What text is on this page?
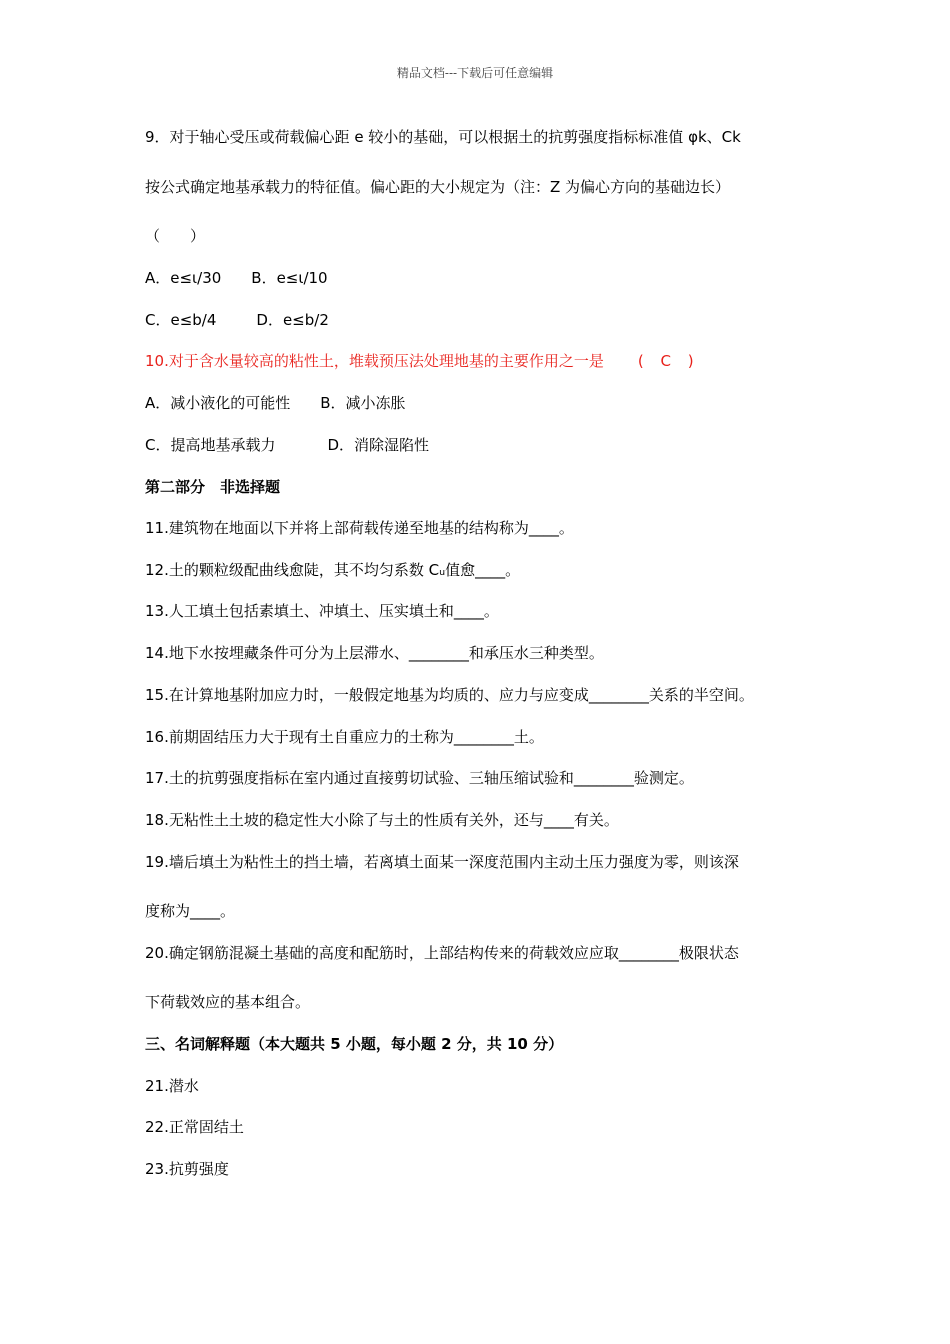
精品文档---下载后可任意编辑
9．对于轴心受压或荷载偏心距 e 较小的基础，可以根据土的抗剪强度指标标准值 φk、Ck
按公式确定地基承载力的特征值。偏心距的大小规定为（注：Z 为偏心方向的基础边长）
（　　）
A．e≤ι/30 B．e≤ι/10
C．e≤b/4	D．e≤b/2
10.对于含水量较高的粘性土，堆载预压法处理地基的主要作用之一是 ( C )
A．减小液化的可能性 B．减小冻胀
C．提高地基承载力	D．消除湿陷性
第二部分　非选择题
11.建筑物在地面以下并将上部荷载传递至地基的结构称为____。
12.土的颗粒级配曲线愈陡，其不均匀系数 Cᵤ值愈____。
13.人工填土包括素填土、冲填土、压实填土和____。
14.地下水按埋藏条件可分为上层滞水、________和承压水三种类型。
15.在计算地基附加应力时，一般假定地基为均质的、应力与应变成________关系的半空间。
16.前期固结压力大于现有土自重应力的土称为________土。
17.土的抗剪强度指标在室内通过直接剪切试验、三轴压缩试验和________验测定。
18.无粘性土土坡的稳定性大小除了与土的性质有关外，还与____有关。
19.墙后填土为粘性土的挡土墙，若离填土面某一深度范围内主动土压力强度为零，则该深
度称为____。
20.确定钢筋混凝土基础的高度和配筋时，上部结构传来的荷载效应应取________极限状态
下荷载效应的基本组合。
三、名词解释题（本大题共 5 小题，每小题 2 分，共 10 分）
21.潜水
22.正常固结土
23.抗剪强度
